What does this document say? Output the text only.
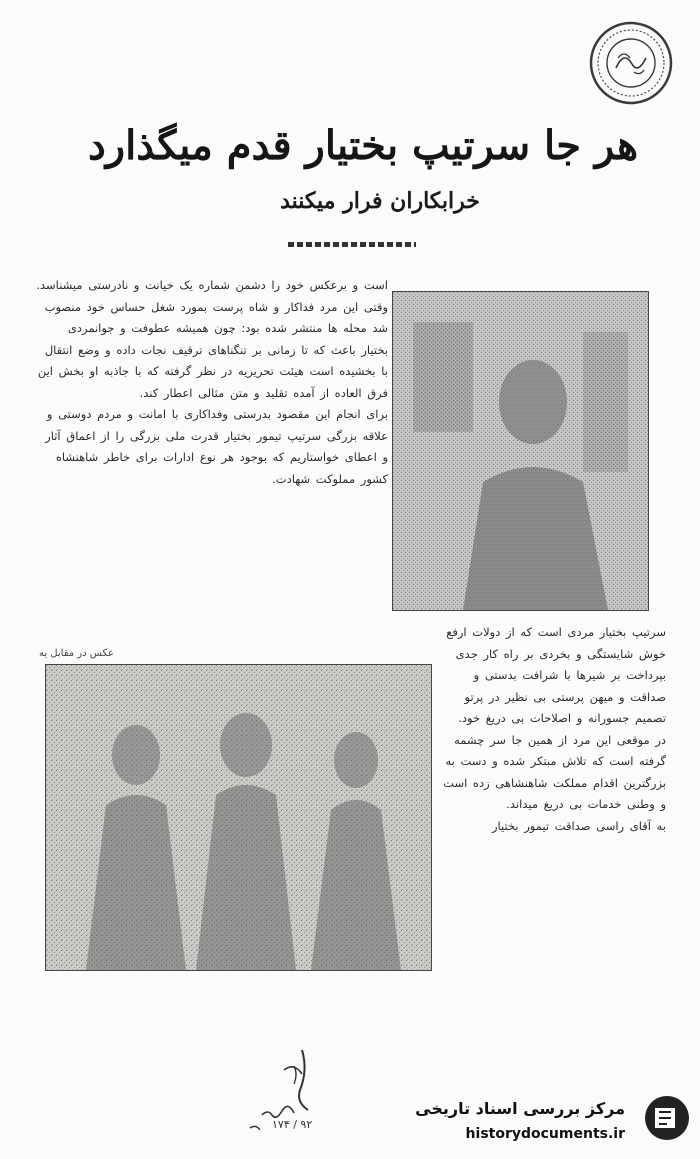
هر جا سرتیپ بختیار قدم میگذارد
خرابکاران فرار میکنند

است و برعکس خود را دشمن شماره یک خیانت و نادرستی میشناسد.

وقتی این مرد فداکار و شاه پرست بمورد شغل حساس خود منصوب شد محله ها منتشر شده بود: چون همیشه عطوفت و جوانمردی بختیار باعث که تا زمانی بر تنگناهای ترقیف نجات داده و وضع انتقال با بخشیده است هیئت تحریریه در نظر گرفته که با جاذبه او بخش این فرق العاده از آمده تقلید و متن مثالی اعطار کند.

برای انجام این مقصود بدرستی وفداکاری با امانت و مردم دوستی و علاقه بزرگی سرتیپ تیمور بختیار قدرت ملی بزرگی را از اعماق آثار و اعطای خواستاریم که بوجود هر نوع ادارات برای خاطر شاهنشاه کشور مملوکت شهادت.

عکس در مقابل یه

سرتیپ بختیار مردی است که از دولات ارفع خوش شایستگی و بخردی بر راه کار جدی بپرداخت بر شیرها با شرافت بدستی و صداقت و میهن پرستی بی نظیر در پرتو تصمیم جسورانه و اصلاحات بی دریغ خود.

در موقعی این مرد از همین جا سر چشمه گرفته است که تلاش مبتکر شده و دست به بزرگترین اقدام مملکت شاهنشاهی زده است و وطنی خدمات بی دریغ میداند.

به آقای راسی صداقت تیمور بختیار

۱۷۴ / ۹۲
مرکز بررسی اسناد تاریخی
historydocuments.ir
